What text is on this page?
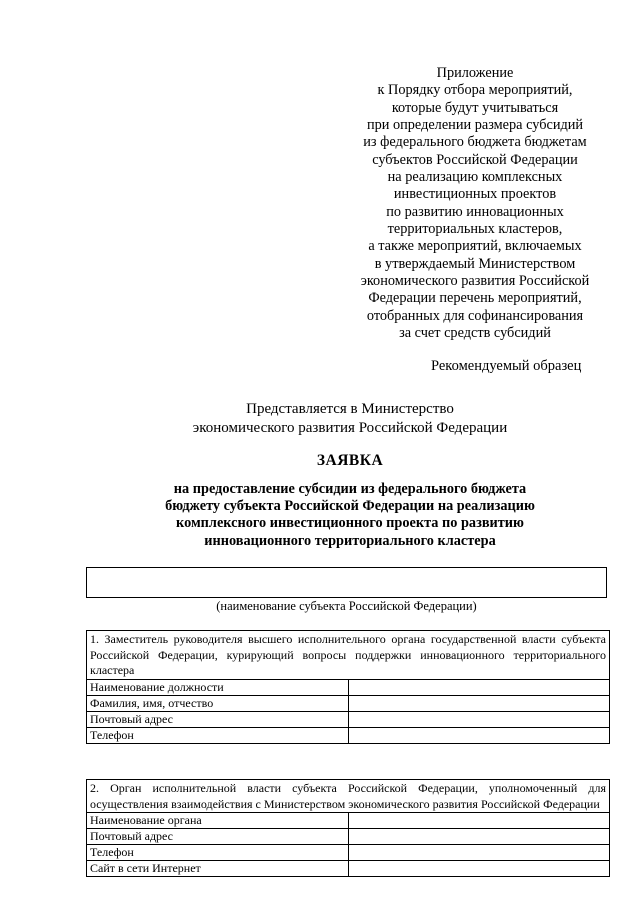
Приложение
к Порядку отбора мероприятий,
которые будут учитываться
при определении размера субсидий
из федерального бюджета бюджетам
субъектов Российской Федерации
на реализацию комплексных
инвестиционных проектов
по развитию инновационных
территориальных кластеров,
а также мероприятий, включаемых
в утверждаемый Министерством
экономического развития Российской
Федерации перечень мероприятий,
отобранных для софинансирования
за счет средств субсидий
Рекомендуемый образец
Представляется в Министерство
экономического развития Российской Федерации
ЗАЯВКА
на предоставление субсидии из федерального бюджета
бюджету субъекта Российской Федерации на реализацию
комплексного инвестиционного проекта по развитию
инновационного территориального кластера
(наименование субъекта Российской Федерации)
1. Заместитель руководителя высшего исполнительного органа государственной власти субъекта Российской Федерации, курирующий вопросы поддержки инновационного территориального кластера	
Наименование должности	
Фамилия, имя, отчество	
Почтовый адрес	
Телефон	
2. Орган исполнительной власти субъекта Российской Федерации, уполномоченный для осуществления взаимодействия с Министерством экономического развития Российской Федерации	
Наименование органа	
Почтовый адрес	
Телефон	
Сайт в сети Интернет	
